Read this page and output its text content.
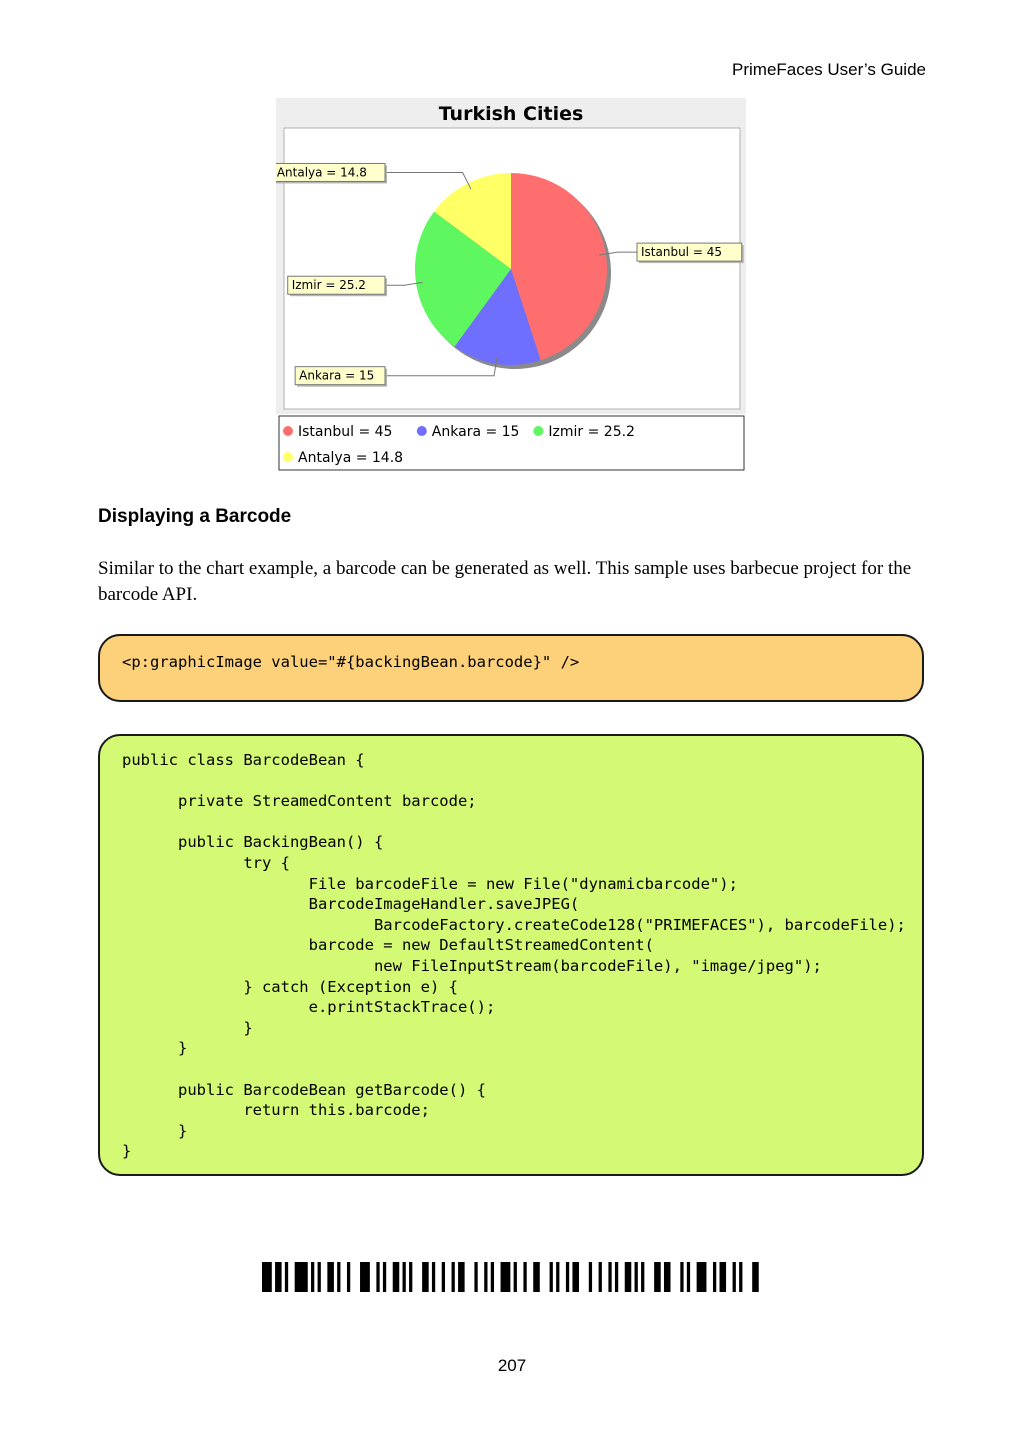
PrimeFaces User’s Guide
Turkish Cities
Istanbul = 45
Ankara = 15
Izmir = 25.2
Antalya = 14.8
Istanbul = 45	Ankara = 15 Izmir = 25.2
Antalya = 14.8
Displaying a Barcode
Similar to the chart example, a barcode can be generated as well. This sample uses barbecue project for the barcode API.
<p:graphicImage value="#{backingBean.barcode}" />
public class BarcodeBean {
private StreamedContent barcode;
public BackingBean() {
try {
File barcodeFile = new File("dynamicbarcode");
BarcodeImageHandler.saveJPEG(
BarcodeFactory.createCode128("PRIMEFACES"), barcodeFile);
barcode = new DefaultStreamedContent(
new FileInputStream(barcodeFile), "image/jpeg");
} catch (Exception e) {
e.printStackTrace();
}
}
public BarcodeBean getBarcode() {
return this.barcode;
}
}
207
